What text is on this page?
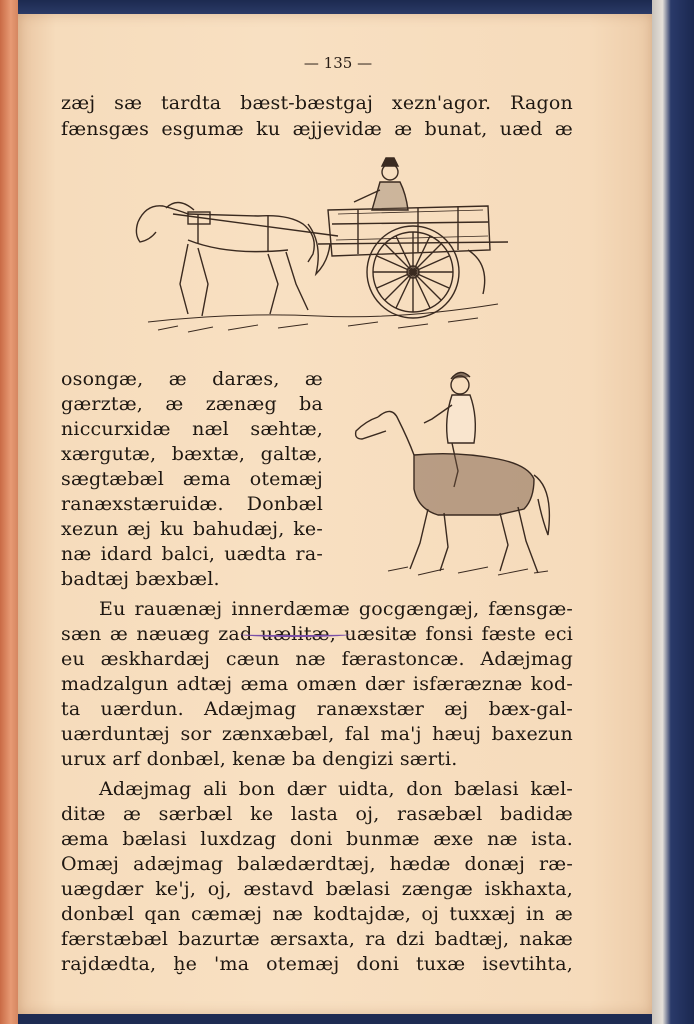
— 135 —
zæj sæ tardta bæst-bæstgaj xezn'agor. Ragon
fænsgæs esgumæ ku æjjevidæ æ bunat, uæd æ
osongæ, æ daræs, æ
gærztæ, æ zænæg ba
niccurxidæ næl sæhtæ,
xærgutæ, bæxtæ, galtæ,
sægtæbæl æma otemæj
ranæxstæruidæ. Donbæl
xezun æj ku bahudæj, ke-
næ idard balci, uædta ra-
badtæj bæxbæl.
Eu rauænæj innerdæmæ gocgængæj, fænsgæ-
sæn æ næuæg zad uælitæ, uæsitæ fonsi fæste eci
eu æskhardæj cæun næ færastoncæ. Adæjmag
madzalgun adtæj æma omæn dær isfæræznæ kod-
ta uærdun. Adæjmag ranæxstær æj bæx-gal-
uærduntæj sor zænxæbæl, fal ma'j hæuj baxezun
urux arf donbæl, kenæ ba dengizi særti.
Adæjmag ali bon dær uidta, don bælasi kæl-
ditæ æ særbæl ke lasta oj, rasæbæl badidæ
æma bælasi luxdzag doni bunmæ æxe næ ista.
Omæj adæjmag balædærdtæj, hædæ donæj ræ-
uægdær ke'j, oj, æstavd bælasi zængæ iskhaxta,
donbæl qan cæmæj næ kodtajdæ, oj tuxxæj in æ
færstæbæl bazurtæ ærsaxta, ra dzi badtæj, nakæ
rajdædta, ḫe 'ma otemæj doni tuxæ isevtihta,
